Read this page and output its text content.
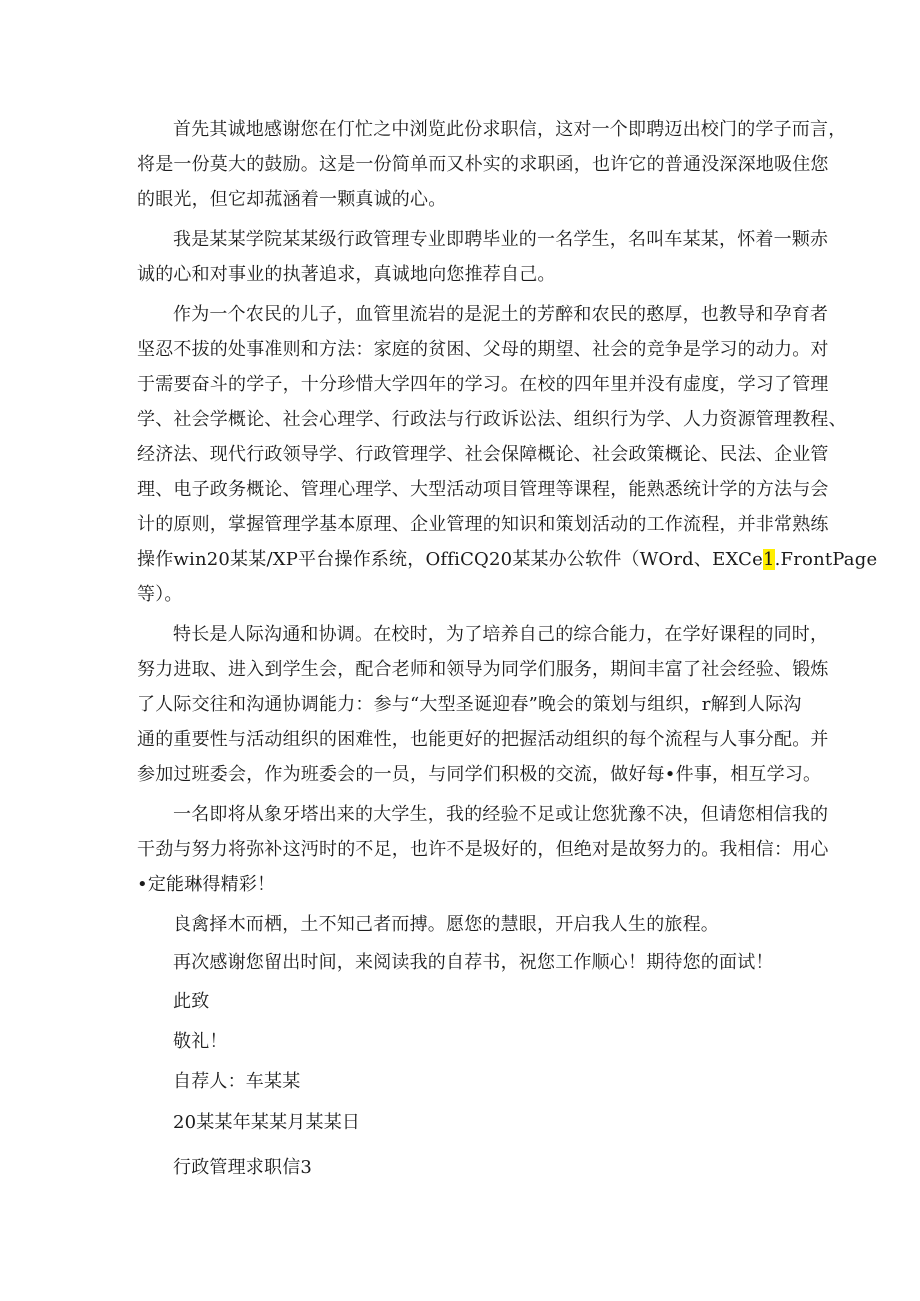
首先其诚地感谢您在仃忙之中浏览此份求职信，这对一个即聘迈出校门的学子而言，
将是一份莫大的鼓励。这是一份简单而又朴实的求职函，也许它的普通没深深地吸住您
的眼光，但它却菰涵着一颗真诚的心。
我是某某学院某某级行政管理专业即聘毕业的一名学生，名叫车某某，怀着一颗赤
诚的心和对事业的执著追求，真诚地向您推荐自己。
作为一个农民的儿子，血管里流岩的是泥土的芳醉和农民的憨厚，也教导和孕育者
坚忍不拔的处事准则和方法：家庭的贫困、父母的期望、社会的竞争是学习的动力。对
于需要奋斗的学子，十分珍惜大学四年的学习。在校的四年里并没有虚度，学习了管理
学、社会学概论、社会心理学、行政法与行政诉讼法、组织行为学、人力资源管理教程、
经济法、现代行政领导学、行政管理学、社会保障概论、社会政策概论、民法、企业管
理、电子政务概论、管理心理学、大型活动项目管理等课程，能熟悉统计学的方法与会
计的原则，掌握管理学基本原理、企业管理的知识和策划活动的工作流程，并非常熟练
操作win20某某/XP平台操作系统，OffiCQ20某某办公软件（WOrd、EXCe1.FrontPage
等）。
特长是人际沟通和协调。在校时，为了培养自己的综合能力，在学好课程的同时，
努力进取、进入到学生会，配合老师和领导为同学们服务，期间丰富了社会经验、锻炼
了人际交往和沟通协调能力：参与“大型圣诞迎春”晚会的策划与组织，r解到人际沟
通的重要性与活动组织的困难性，也能更好的把握活动组织的每个流程与人事分配。并
参加过班委会，作为班委会的一员，与同学们积极的交流，做好每•件事，相互学习。
一名即将从象牙塔出来的大学生，我的经验不足或让您犹豫不决，但请您相信我的
干劲与努力将弥补这沔时的不足，也许不是圾好的，但绝对是故努力的。我相信：用心
•定能琳得精彩！
良禽择木而栖，土不知己者而搏。愿您的慧眼，开启我人生的旅程。
再次感谢您留出时间，来阅读我的自荐书，祝您工作顺心！期待您的面试！
此致
敬礼！
自荐人：车某某
20某某年某某月某某日
行政管理求职信3
